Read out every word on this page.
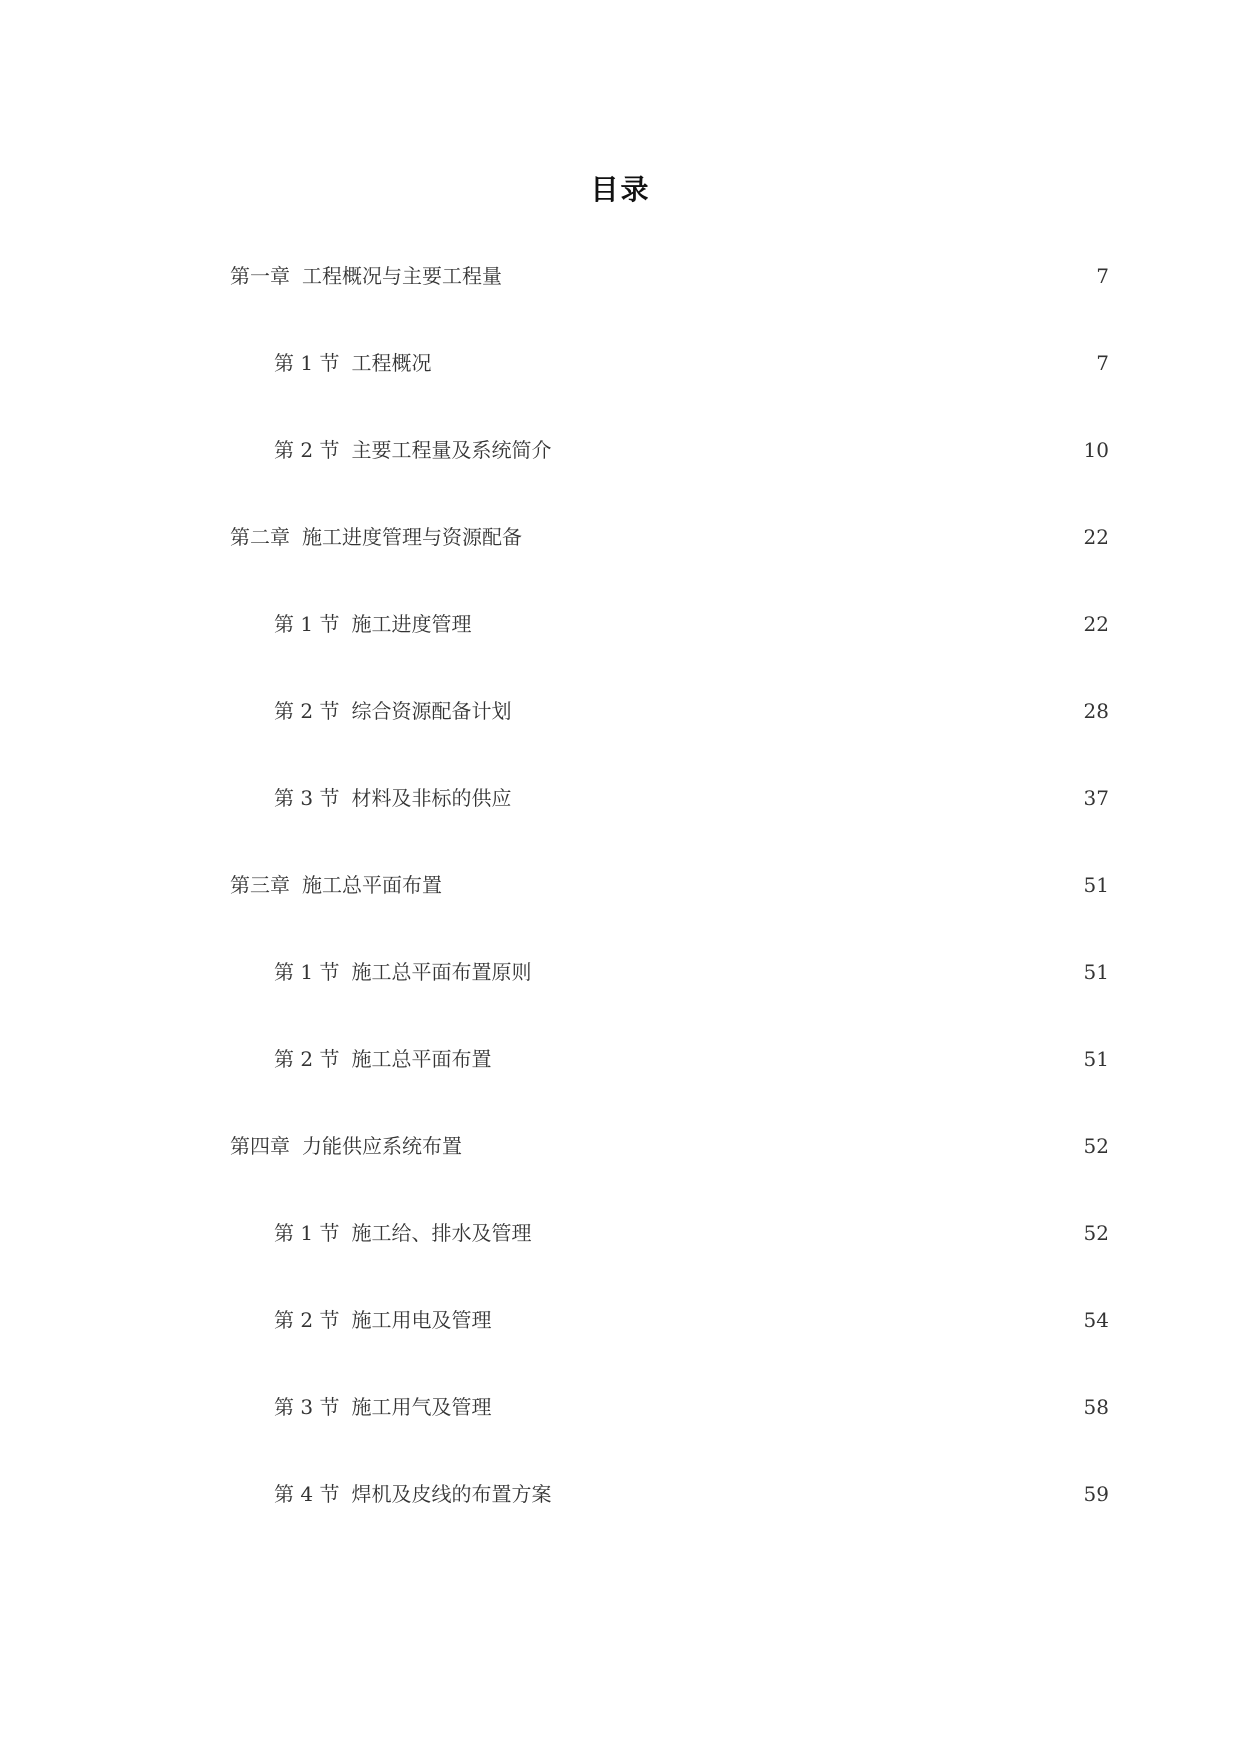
目录
第一章 工程概况与主要工程量	7
第 1 节 工程概况	7
第 2 节 主要工程量及系统简介	10
第二章 施工进度管理与资源配备	22
第 1 节 施工进度管理	22
第 2 节 综合资源配备计划	28
第 3 节 材料及非标的供应	37
第三章 施工总平面布置	51
第 1 节 施工总平面布置原则	51
第 2 节 施工总平面布置	51
第四章 力能供应系统布置	52
第 1 节 施工给、排水及管理	52
第 2 节 施工用电及管理	54
第 3 节 施工用气及管理	58
第 4 节 焊机及皮线的布置方案	59
